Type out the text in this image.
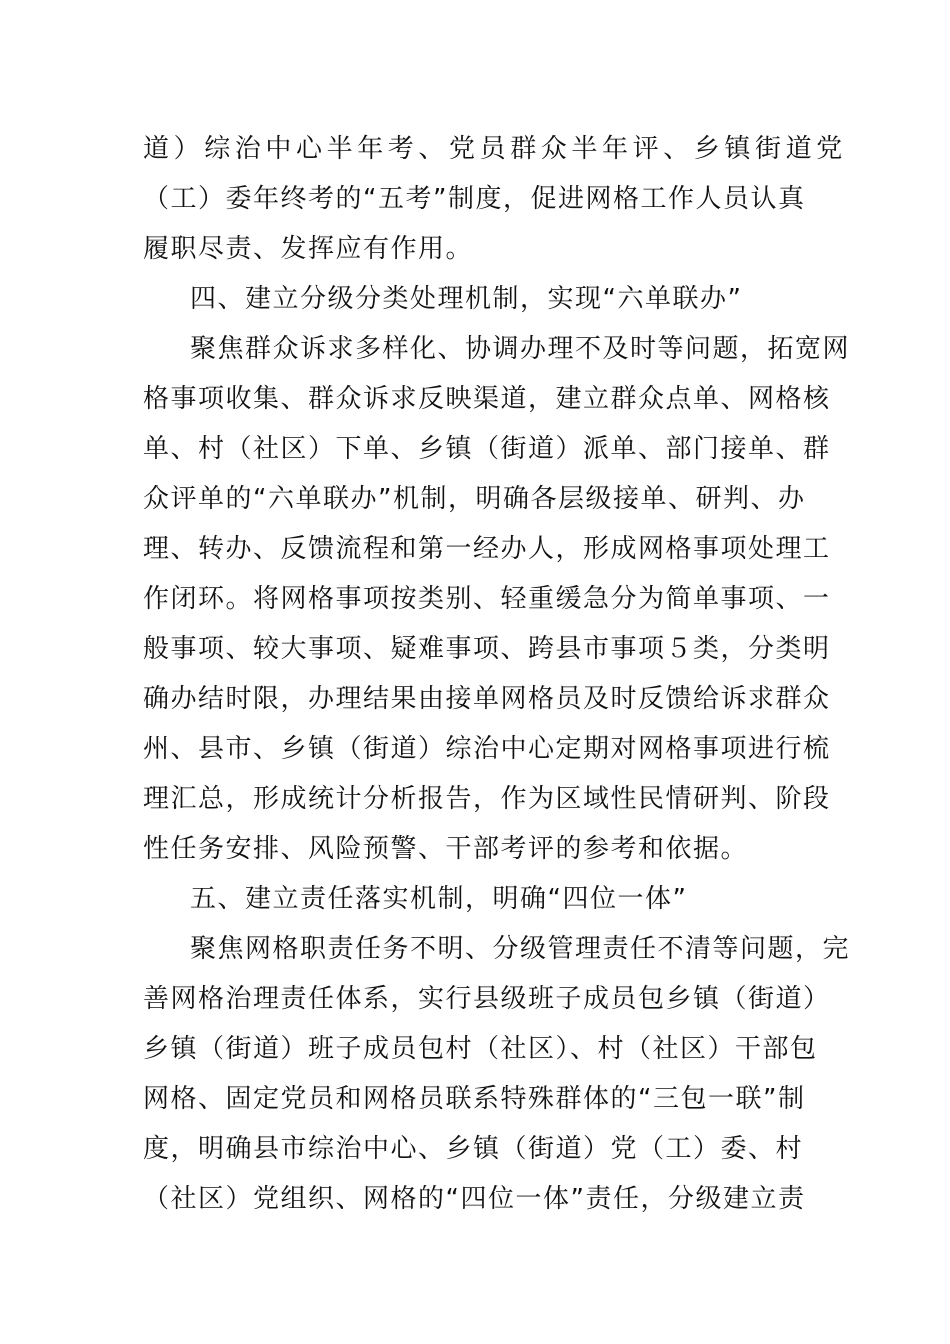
道）综治中心半年考、党员群众半年评、乡镇街道党
（工）委年终考的“五考”制度，促进网格工作人员认真
履职尽责、发挥应有作用。
四、建立分级分类处理机制，实现“六单联办”
聚焦群众诉求多样化、协调办理不及时等问题，拓宽网
格事项收集、群众诉求反映渠道，建立群众点单、网格核
单、村（社区）下单、乡镇（街道）派单、部门接单、群
众评单的“六单联办”机制，明确各层级接单、研判、办
理、转办、反馈流程和第一经办人，形成网格事项处理工
作闭环。将网格事项按类别、轻重缓急分为简单事项、一
般事项、较大事项、疑难事项、跨县市事项５类，分类明
确办结时限，办理结果由接单网格员及时反馈给诉求群众
州、县市、乡镇（街道）综治中心定期对网格事项进行梳
理汇总，形成统计分析报告，作为区域性民情研判、阶段
性任务安排、风险预警、干部考评的参考和依据。
五、建立责任落实机制，明确“四位一体”
聚焦网格职责任务不明、分级管理责任不清等问题，完
善网格治理责任体系，实行县级班子成员包乡镇（街道）
乡镇（街道）班子成员包村（社区）、村（社区）干部包
网格、固定党员和网格员联系特殊群体的“三包一联”制
度，明确县市综治中心、乡镇（街道）党（工）委、村
（社区）党组织、网格的“四位一体”责任，分级建立责
